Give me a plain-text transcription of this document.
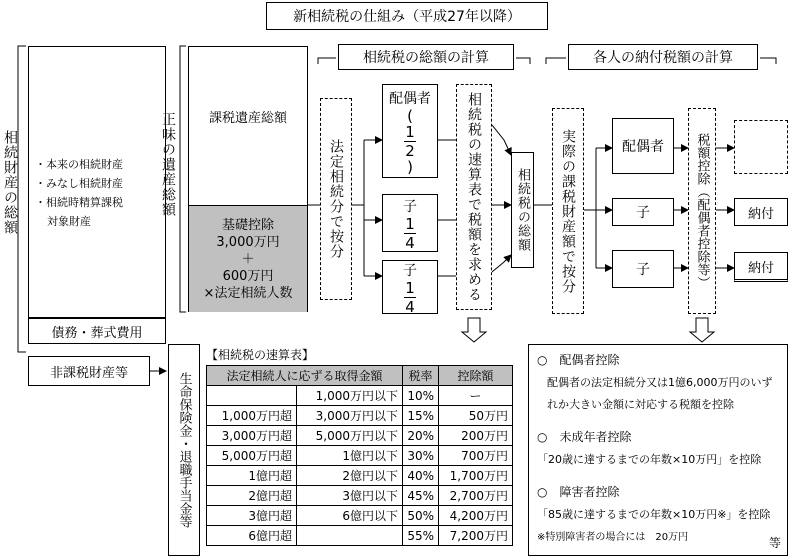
新相続税の仕組み（平成27年以降）
相続税の総額の計算	各人の納付税額の計算
相続財産の総額 ・本来の相続財産
・みなし相続財産
・相続時精算課税
対象財産
債務・葬式費用
非課税財産等
正味の遺産総額	課税遺産総額
基礎控除
3,000万円
＋
600万円
×法定相続人数
法定相続分で按分
配偶者
(
1
2
)
子
$\frac{1}{4}$
子
$\frac{1}{4}$	相続税の速算表で税額を求める	相続税の総額 実際の課税財産額で按分	配偶者
子
子	税額控除（配偶者控除等）	納付
納付
生命保険金・退職手当金等
【相続税の速算表】
法定相続人に応ずる取得金額		税率	控除額
	1,000万円以下	10%	ー
1,000万円超	3,000万円以下	15%	50万円
3,000万円超	5,000万円以下	20%	200万円
5,000万円超	1億円以下	30%	700万円
1億円超	2億円以下	40%	1,700万円
2億円超	3億円以下	45%	2,700万円
3億円超	6億円以下	50%	4,200万円
6億円超		55%	7,200万円

○　配偶者控除

配偶者の法定相続分又は1億6,000万円のいず

れか大きい金額に対応する税額を控除

○　未成年者控除

「20歳に達するまでの年数×10万円」を控除

○　障害者控除

「85歳に達するまでの年数×10万円※」を控除

※特別障害者の場合には　20万円	等
